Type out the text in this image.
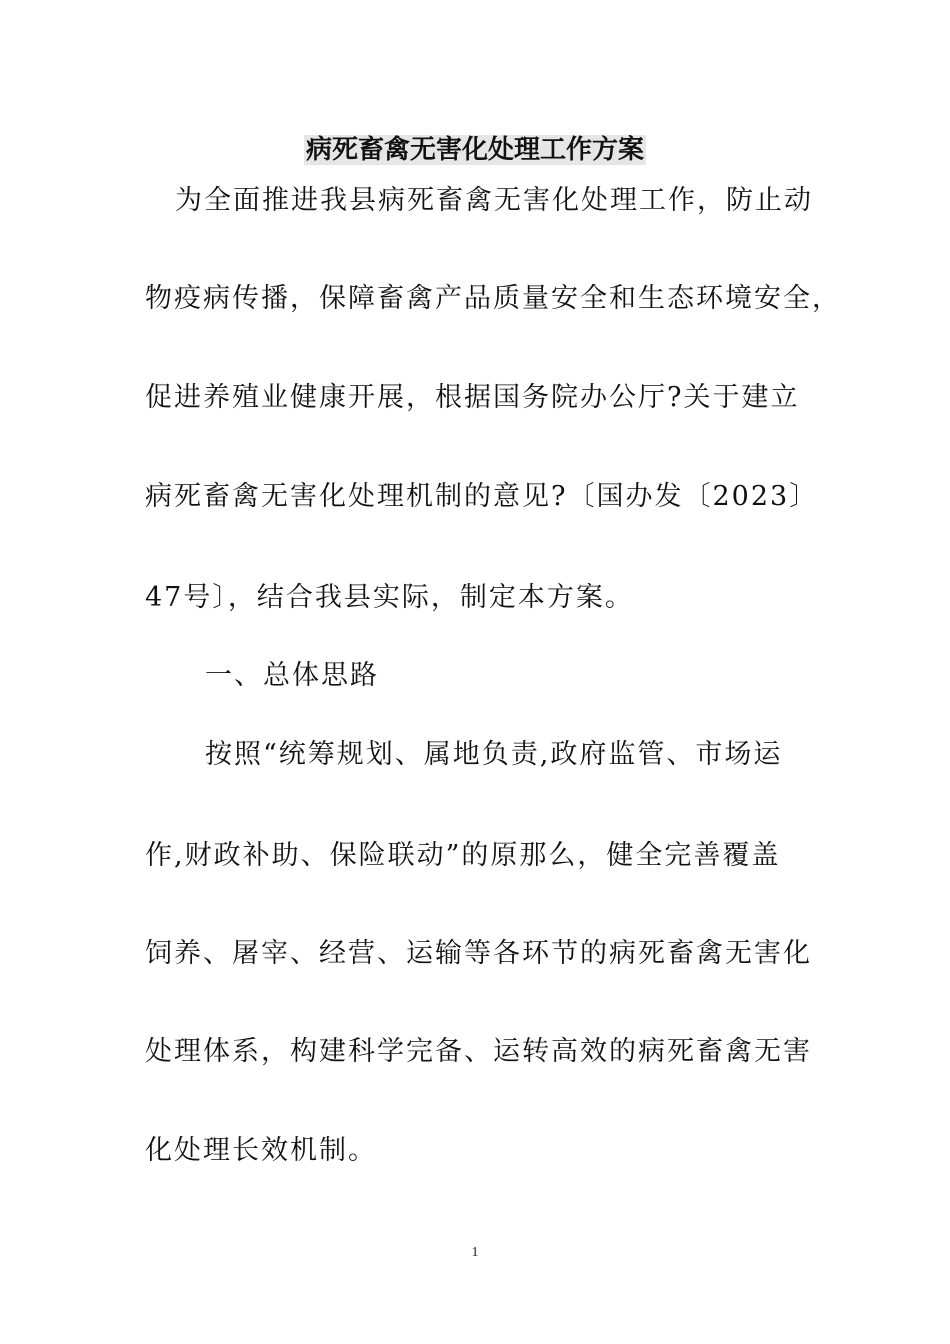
病死畜禽无害化处理工作方案
为全面推进我县病死畜禽无害化处理工作，防止动
物疫病传播，保障畜禽产品质量安全和生态环境安全，
促进养殖业健康开展，根据国务院办公厅?关于建立
病死畜禽无害化处理机制的意见?〔国办发〔2023〕
47号〕，结合我县实际，制定本方案。
一、总体思路
按照“统筹规划、属地负责,政府监管、市场运
作,财政补助、保险联动”的原那么，健全完善覆盖
饲养、屠宰、经营、运输等各环节的病死畜禽无害化
处理体系，构建科学完备、运转高效的病死畜禽无害
化处理长效机制。
1
